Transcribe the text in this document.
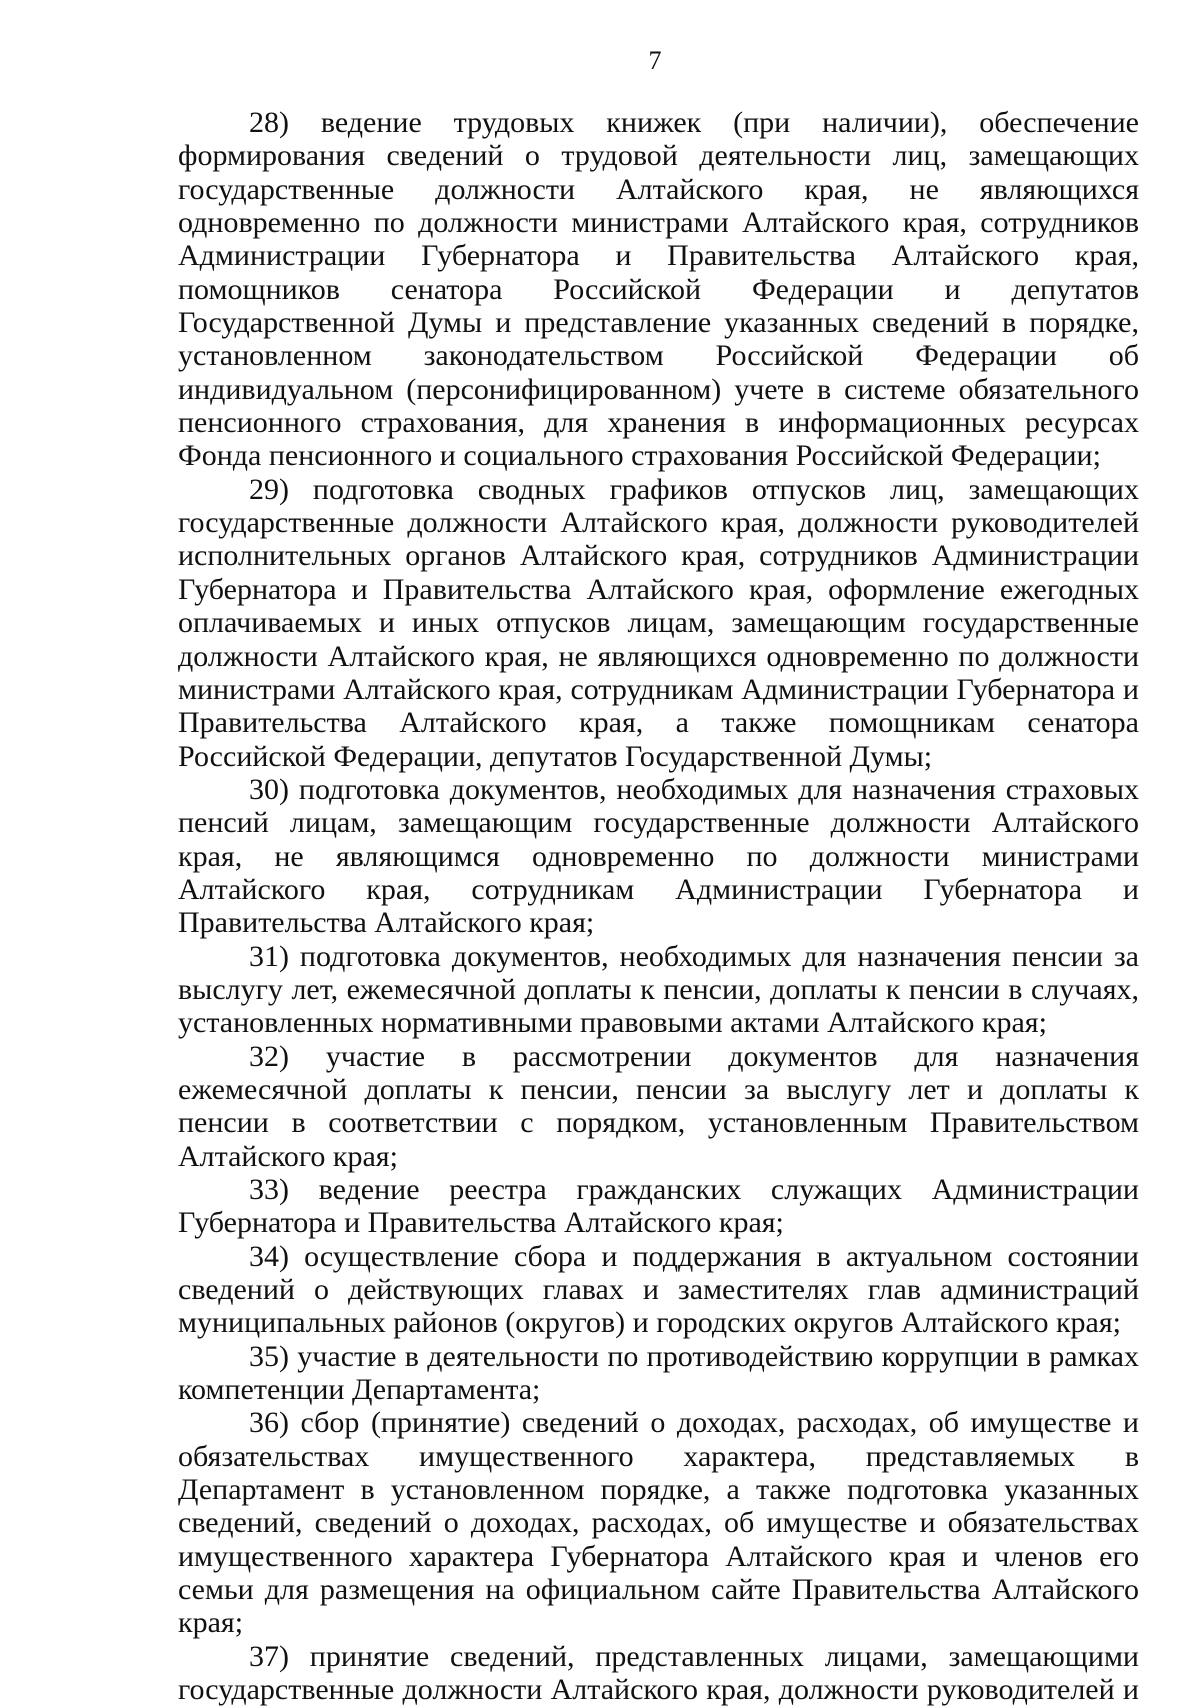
7

28) ведение трудовых книжек (при наличии), обеспечение формирования сведений о трудовой деятельности лиц, замещающих государственные должности Алтайского края, не являющихся одновременно по должности министрами Алтайского края, сотрудников Администрации Губернатора и Правительства Алтайского края, помощников сенатора Российской Федерации и депутатов Государственной Думы и представление указанных сведений в порядке, установленном законодательством Российской Федерации об индивидуальном (персонифицированном) учете в системе обязательного пенсионного страхования, для хранения в информационных ресурсах Фонда пенсионного и социального страхования Российской Федерации;

29) подготовка сводных графиков отпусков лиц, замещающих государственные должности Алтайского края, должности руководителей исполнительных органов Алтайского края, сотрудников Администрации Губернатора и Правительства Алтайского края, оформление ежегодных оплачиваемых и иных отпусков лицам, замещающим государственные должности Алтайского края, не являющихся одновременно по должности министрами Алтайского края, сотрудникам Администрации Губернатора и Правительства Алтайского края, а также помощникам сенатора Российской Федерации, депутатов Государственной Думы;

30) подготовка документов, необходимых для назначения страховых пенсий лицам, замещающим государственные должности Алтайского края, не являющимся одновременно по должности министрами Алтайского края, сотрудникам Администрации Губернатора и Правительства Алтайского края;

31) подготовка документов, необходимых для назначения пенсии за выслугу лет, ежемесячной доплаты к пенсии, доплаты к пенсии в случаях, установленных нормативными правовыми актами Алтайского края;

32) участие в рассмотрении документов для назначения ежемесячной доплаты к пенсии, пенсии за выслугу лет и доплаты к пенсии в соответствии с порядком, установленным Правительством Алтайского края;

33) ведение реестра гражданских служащих Администрации Губернатора и Правительства Алтайского края;

34) осуществление сбора и поддержания в актуальном состоянии сведений о действующих главах и заместителях глав администраций муниципальных районов (округов) и городских округов Алтайского края;

35) участие в деятельности по противодействию коррупции в рамках компетенции Департамента;

36) сбор (принятие) сведений о доходах, расходах, об имуществе и обязательствах имущественного характера, представляемых в Департамент в установленном порядке, а также подготовка указанных сведений, сведений о доходах, расходах, об имуществе и обязательствах имущественного характера Губернатора Алтайского края и членов его семьи для размещения на официальном сайте Правительства Алтайского края;

37) принятие сведений, представленных лицами, замещающими государственные должности Алтайского края, должности руководителей и
